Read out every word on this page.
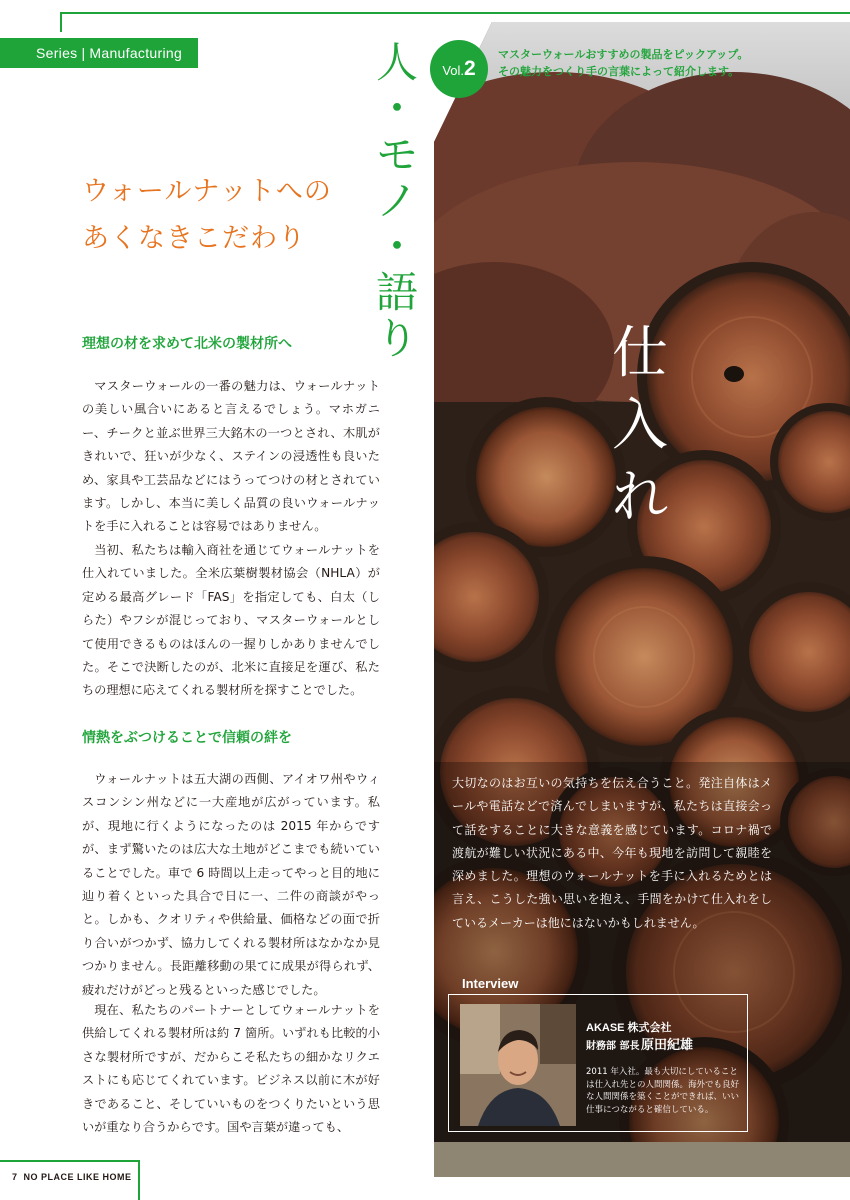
Series | Manufacturing	人
・
モ
ノ
・
語
り
Vol.2

マスターウォールおすすめの製品をピックアップ。

その魅力をつくり手の言葉によって紹介します。

ウォールナットへの

あくなきこだわり

理想の材を求めて北米の製材所へ

マスターウォールの一番の魅力は、ウォールナットの美しい風合いにあると言えるでしょう。マホガニー、チークと並ぶ世界三大銘木の一つとされ、木肌がきれいで、狂いが少なく、ステインの浸透性も良いため、家具や工芸品などにはうってつけの材とされています。しかし、本当に美しく品質の良いウォールナットを手に入れることは容易ではありません。

当初、私たちは輸入商社を通じてウォールナットを仕入れていました。全米広葉樹製材協会（NHLA）が定める最高グレード「FAS」を指定しても、白太（しらた）やフシが混じっており、マスターウォールとして使用できるものはほんの一握りしかありませんでした。そこで決断したのが、北米に直接足を運び、私たちの理想に応えてくれる製材所を探すことでした。

情熱をぶつけることで信頼の絆を

ウォールナットは五大湖の西側、アイオワ州やウィスコンシン州などに一大産地が広がっています。私が、現地に行くようになったのは 2015 年からですが、まず驚いたのは広大な土地がどこまでも続いていることでした。車で 6 時間以上走ってやっと目的地に辿り着くといった具合で日に一、二件の商談がやっと。しかも、クオリティや供給量、価格などの面で折り合いがつかず、協力してくれる製材所はなかなか見つかりません。長距離移動の果てに成果が得られず、疲れだけがどっと残るといった感じでした。

現在、私たちのパートナーとしてウォールナットを供給してくれる製材所は約 7 箇所。いずれも比較的小さな製材所ですが、だからこそ私たちの細かなリクエストにも応じてくれています。ビジネス以前に木が好きであること、そしていいものをつくりたいという思いが重なり合うからです。国や言葉が違っても、

仕
入
れ

大切なのはお互いの気持ちを伝え合うこと。発注自体はメールや電話などで済んでしまいますが、私たちは直接会って話をすることに大きな意義を感じています。コロナ禍で渡航が難しい状況にある中、今年も現地を訪問して親睦を深めました。理想のウォールナットを手に入れるためとは言え、こうした強い思いを抱え、手間をかけて仕入れをしているメーカーは他にはないかもしれません。

Interview
AKASE 株式会社
財務部 部長 原田紀雄

2011 年入社。最も大切にしていることは仕入れ先との人間関係。海外でも良好な人間関係を築くことができれば、いい仕事につながると確信している。

7 NO PLACE LIKE HOME
